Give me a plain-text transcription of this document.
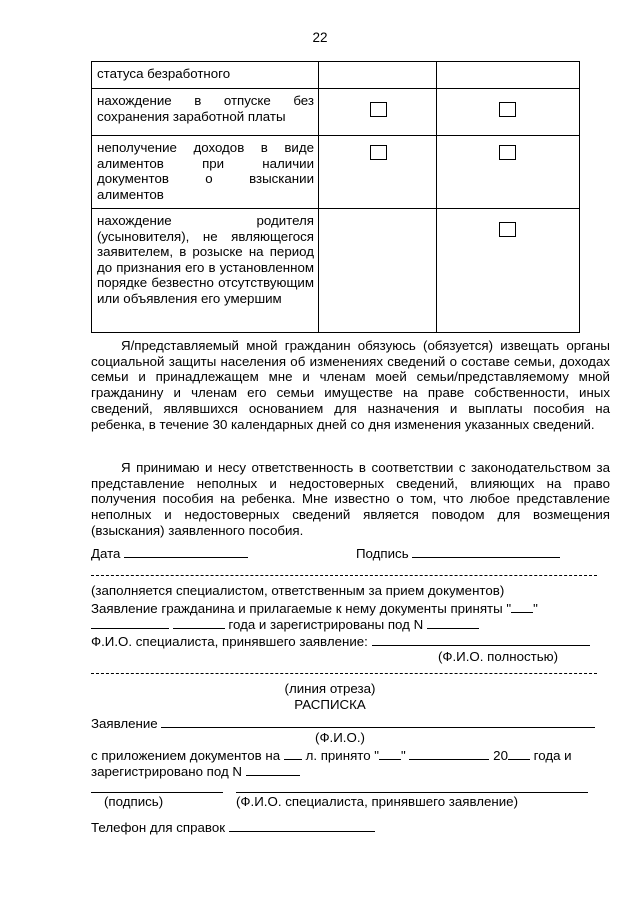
22
статуса безработного		

нахождение в отпуске без сохранения заработной платы		

неполучение доходов в виде алиментов при наличии документов о взыскании алиментов		

нахождение родителя (усыновителя), не являющегося заявителем, в розыске на период до признания его в установленном порядке безвестно отсутствующим или объявления его умершим		

Я/представляемый мной гражданин обязуюсь (обязуется) извещать органы социальной защиты населения об изменениях сведений о составе семьи, доходах семьи и принадлежащем мне и членам моей семьи/представляемому мной гражданину и членам его семьи имуществе на праве собственности, иных сведений, являвшихся основанием для назначения и выплаты пособия на ребенка, в течение 30 календарных дней со дня изменения указанных сведений.
Я принимаю и несу ответственность в соответствии с законодательством за представление неполных и недостоверных сведений, влияющих на право получения пособия на ребенка. Мне известно о том, что любое представление неполных и недостоверных сведений является поводом для возмещения (взыскания) заявленного пособия.
Дата	Подпись
(заполняется специалистом, ответственным за прием документов)
Заявление гражданина и прилагаемые к нему документы приняты " "
года и зарегистрированы под N
Ф.И.О. специалиста, принявшего заявление:
(Ф.И.О. полностью)
(линия отреза)
РАСПИСКА
Заявление
(Ф.И.О.)
с приложением документов на л. принято " "	20 года и
зарегистрировано под N
(подпись)	(Ф.И.О. специалиста, принявшего заявление)
Телефон для справок
